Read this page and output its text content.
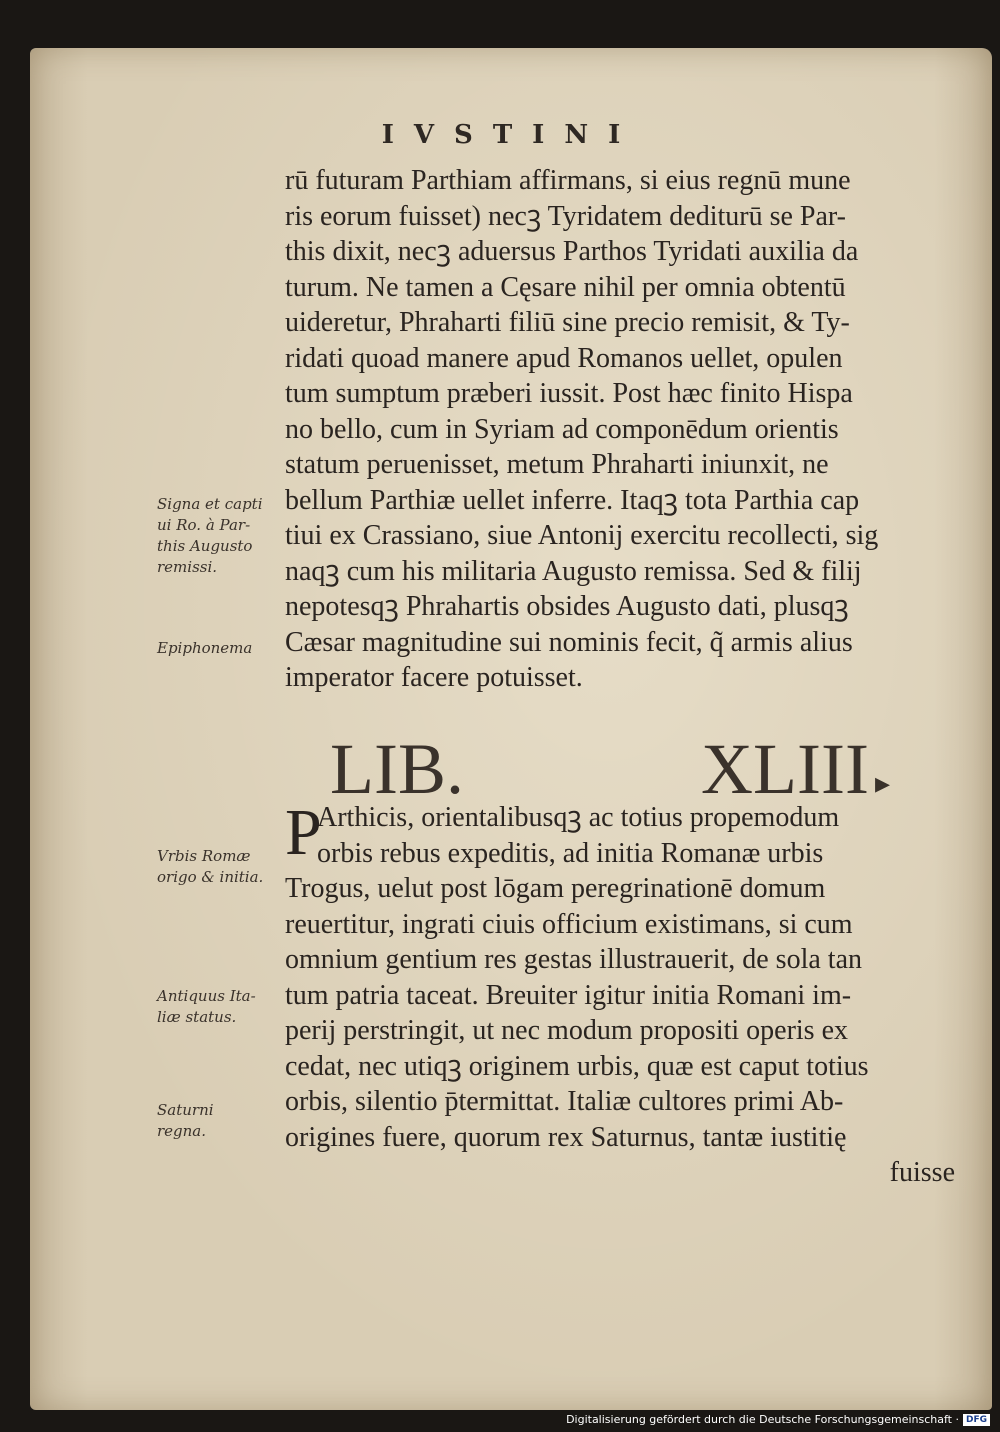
IVSTINI
rū futuram Parthiam affirmans, si eius regnū mune
ris eorum fuisset) necꝫ Tyridatem dediturū se Par-
this dixit, necꝫ aduersus Parthos Tyridati auxilia da
turum. Ne tamen a Cęsare nihil per omnia obtentū
uideretur, Phraharti filiū sine precio remisit, & Ty-
ridati quoad manere apud Romanos uellet, opulen
tum sumptum præberi iussit. Post hæc finito Hispa
no bello, cum in Syriam ad componēdum orientis
statum peruenisset, metum Phraharti iniunxit, ne
bellum Parthiæ uellet inferre. Itaqꝫ tota Parthia cap
tiui ex Crassiano, siue Antonij exercitu recollecti, sig
naqꝫ cum his militaria Augusto remissa. Sed & filij
nepotesqꝫ Phrahartis obsides Augusto dati, plusqꝫ
Cæsar magnitudine sui nominis fecit, q̃ armis alius
imperator facere potuisset.
LIB.	XLIII ▸
P
Arthicis, orientalibusqꝫ ac totius propemodum
orbis rebus expeditis, ad initia Romanæ urbis
Trogus, uelut post lōgam peregrinationē domum
reuertitur, ingrati ciuis officium existimans, si cum
omnium gentium res gestas illustrauerit, de sola tan
tum patria taceat. Breuiter igitur initia Romani im-
perij perstringit, ut nec modum propositi operis ex
cedat, nec utiqꝫ originem urbis, quæ est caput totius
orbis, silentio p̄termittat. Italiæ cultores primi Ab-
origines fuere, quorum rex Saturnus, tantæ iustitię
fuisse
Signa et capti ui Ro. à Par- this Augusto remissi.
Epiphonema
Vrbis Romæ origo & initia.
Antiquus Ita- liæ status.
Saturni regna.
Digitalisierung gefördert durch die Deutsche Forschungsgemeinschaft · DFG
